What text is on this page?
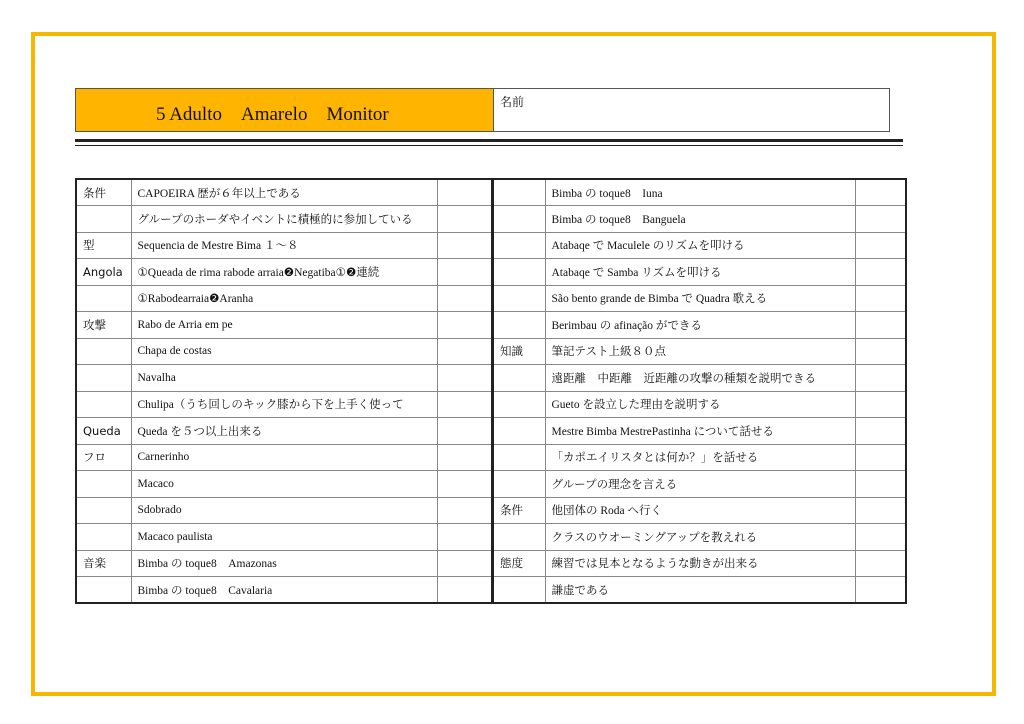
5 Adulto　Amarelo　Monitor
名前
条件	CAPOEIRA 歴が６年以上である	
	グループのホーダやイベントに積極的に参加している	
型	Sequencia de Mestre Bima １～８	
Angola	①Queada de rima rabode arraia❷Negatiba①❷連続	
	①Rabodearraia❷Aranha	
攻撃	Rabo de Arria em pe	
	Chapa de costas	
	Navalha	
	Chulipa（うち回しのキック膝から下を上手く使って	
Queda	Queda を５つ以上出来る	
フロ	Carnerinho	
	Macaco	
	Sdobrado	
	Macaco paulista	
音楽	Bimba の toque8　Amazonas	
	Bimba の toque8　Cavalaria	
	Bimba の toque8　Iuna	
	Bimba の toque8　Banguela	
	Atabaqe で Maculele のリズムを叩ける	
	Atabaqe で Samba リズムを叩ける	
	São bento grande de Bimba で Quadra 歌える	
	Berimbau の afinação ができる	
知識	筆記テスト上級８０点	
	遠距離　中距離　近距離の攻撃の種類を説明できる	
	Gueto を設立した理由を説明する	
	Mestre Bimba MestrePastinha について話せる	
	「カポエイリスタとは何か？」を話せる	
	グループの理念を言える	
条件	他団体の Roda へ行く	
	クラスのウオーミングアップを教えれる	
態度	練習では見本となるような動きが出来る	
	謙虚である	
